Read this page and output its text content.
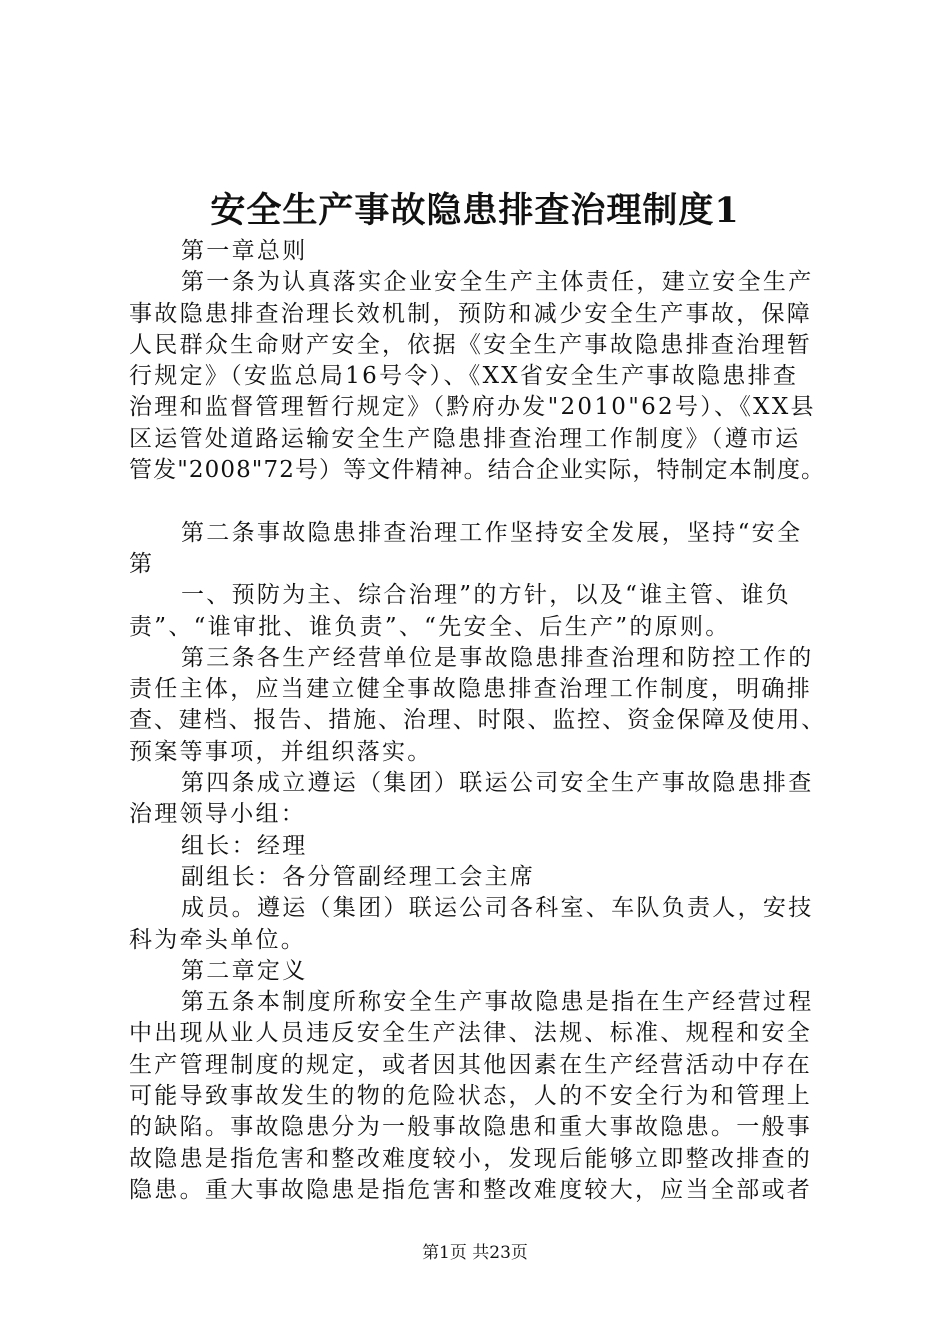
安全生产事故隐患排查治理制度1
第一章总则
第一条为认真落实企业安全生产主体责任，建立安全生产
事故隐患排查治理长效机制，预防和减少安全生产事故，保障
人民群众生命财产安全，依据《安全生产事故隐患排查治理暂
行规定》（安监总局16号令）、《XX省安全生产事故隐患排查
治理和监督管理暂行规定》（黔府办发"2010"62号）、《XX县
区运管处道路运输安全生产隐患排查治理工作制度》（遵市运
管发"2008"72号）等文件精神。结合企业实际，特制定本制度。
第二条事故隐患排查治理工作坚持安全发展，坚持“安全
第
一、预防为主、综合治理”的方针，以及“谁主管、谁负
责”、“谁审批、谁负责”、“先安全、后生产”的原则。
第三条各生产经营单位是事故隐患排查治理和防控工作的
责任主体，应当建立健全事故隐患排查治理工作制度，明确排
查、建档、报告、措施、治理、时限、监控、资金保障及使用、
预案等事项，并组织落实。
第四条成立遵运（集团）联运公司安全生产事故隐患排查
治理领导小组：
组长：经理
副组长：各分管副经理工会主席
成员。遵运（集团）联运公司各科室、车队负责人，安技
科为牵头单位。
第二章定义
第五条本制度所称安全生产事故隐患是指在生产经营过程
中出现从业人员违反安全生产法律、法规、标准、规程和安全
生产管理制度的规定，或者因其他因素在生产经营活动中存在
可能导致事故发生的物的危险状态，人的不安全行为和管理上
的缺陷。事故隐患分为一般事故隐患和重大事故隐患。一般事
故隐患是指危害和整改难度较小，发现后能够立即整改排查的
隐患。重大事故隐患是指危害和整改难度较大，应当全部或者
第1页 共23页
